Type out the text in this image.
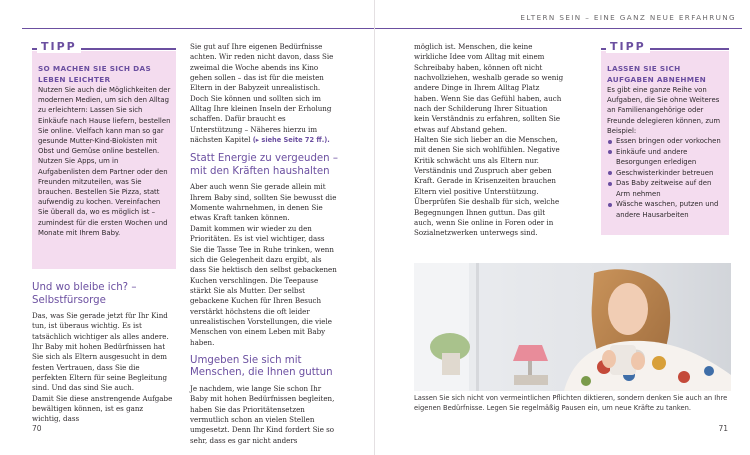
TIPP

SO MACHEN SIE SICH DAS LEBEN LEICHTER

Nutzen Sie auch die Möglichkeiten der modernen Medien, um sich den Alltag zu erleichtern: Lassen Sie sich Einkäufe nach Hause liefern, bestellen Sie online. Vielfach kann man so gar gesunde Mutter-Kind-Biokisten mit Obst und Gemüse online bestellen. Nutzen Sie Apps, um in Aufgabenlisten dem Partner oder den Freunden mitzuteilen, was Sie brauchen. Bestellen Sie Pizza, statt aufwendig zu kochen. Vereinfachen Sie überall da, wo es möglich ist – zumindest für die ersten Wochen und Monate mit Ihrem Baby.

Und wo bleibe ich? – Selbstfürsorge

Das, was Sie gerade jetzt für Ihr Kind tun, ist überaus wichtig. Es ist tatsächlich wichtiger als alles andere. Ihr Baby mit hohen Bedürfnissen hat Sie sich als Eltern ausgesucht in dem festen Vertrauen, dass Sie die perfekten Eltern für seine Begleitung sind. Und das sind Sie auch.

Damit Sie diese anstrengende Aufgabe bewältigen können, ist es ganz wichtig, dass

Sie gut auf Ihre eigenen Bedürfnisse achten. Wir reden nicht davon, dass Sie zweimal die Woche abends ins Kino gehen sollen – das ist für die meisten Eltern in der Babyzeit unrealistisch. Doch Sie können und sollten sich im Alltag Ihre kleinen Inseln der Erholung schaffen. Dafür braucht es Unterstützung – Näheres hierzu im nächsten Kapitel (▸ siehe Seite 72 ff.).

Statt Energie zu vergeuden – mit den Kräften haushalten

Aber auch wenn Sie gerade allein mit Ihrem Baby sind, sollten Sie bewusst die Momente wahrnehmen, in denen Sie etwas Kraft tanken können.

Damit kommen wir wieder zu den Prioritäten. Es ist viel wichtiger, dass Sie die Tasse Tee in Ruhe trinken, wenn sich die Gelegenheit dazu ergibt, als dass Sie hektisch den selbst gebackenen Kuchen verschlingen. Die Teepause stärkt Sie als Mutter. Der selbst gebackene Kuchen für Ihren Besuch verstärkt höchstens die oft leider unrealistischen Vorstellungen, die viele Menschen von einem Leben mit Baby haben.

Umgeben Sie sich mit Menschen, die Ihnen guttun

Je nachdem, wie lange Sie schon Ihr Baby mit hohen Bedürfnissen begleiten, haben Sie das Prioritätensetzen vermutlich schon an vielen Stellen umgesetzt. Denn Ihr Kind fordert Sie so sehr, dass es gar nicht anders

70
ELTERN SEIN – EINE GANZ NEUE ERFAHRUNG

möglich ist. Menschen, die keine wirkliche Idee vom Alltag mit einem Schreibaby haben, können oft nicht nachvollziehen, weshalb gerade so wenig andere Dinge in Ihrem Alltag Platz haben. Wenn Sie das Gefühl haben, auch nach der Schilderung Ihrer Situation kein Verständnis zu erfahren, sollten Sie etwas auf Abstand gehen.

Halten Sie sich lieber an die Menschen, mit denen Sie sich wohlfühlen. Negative Kritik schwächt uns als Eltern nur. Verständnis und Zuspruch aber geben Kraft. Gerade in Krisenzeiten brauchen Eltern viel positive Unterstützung.

Überprüfen Sie deshalb für sich, welche Begegnungen Ihnen guttun. Das gilt auch, wenn Sie online in Foren oder in Sozialnetzwerken unterwegs sind.

TIPP

LASSEN SIE SICH AUFGABEN ABNEHMEN

Es gibt eine ganze Reihe von Aufgaben, die Sie ohne Weiteres an Familienangehörige oder Freunde delegieren können, zum Beispiel:

Essen bringen oder vorkochen
Einkäufe und andere Besorgungen erledigen
Geschwisterkinder betreuen
Das Baby zeitweise auf den Arm nehmen
Wäsche waschen, putzen und andere Hausarbeiten

Lassen Sie sich nicht von vermeintlichen Pflichten diktieren, sondern denken Sie auch an Ihre eigenen Bedürfnisse. Legen Sie regelmäßig Pausen ein, um neue Kräfte zu tanken.

71
